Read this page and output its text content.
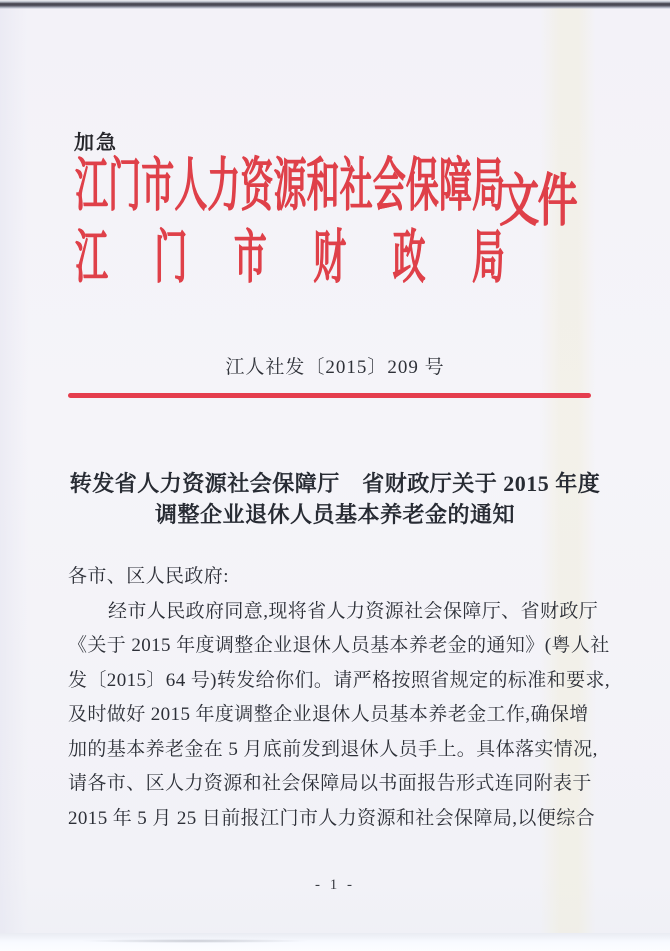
加急
江门市人力资源和社会保障局
江门市财政局
文件
江人社发〔2015〕209 号
转发省人力资源社会保障厅　省财政厅关于 2015 年度
调整企业退休人员基本养老金的通知
各市、区人民政府:
经市人民政府同意,现将省人力资源社会保障厅、省财政厅
《关于 2015 年度调整企业退休人员基本养老金的通知》(粤人社
发〔2015〕64 号)转发给你们。请严格按照省规定的标准和要求,
及时做好 2015 年度调整企业退休人员基本养老金工作,确保增
加的基本养老金在 5 月底前发到退休人员手上。具体落实情况,
请各市、区人力资源和社会保障局以书面报告形式连同附表于
2015 年 5 月 25 日前报江门市人力资源和社会保障局,以便综合
- 1 -
